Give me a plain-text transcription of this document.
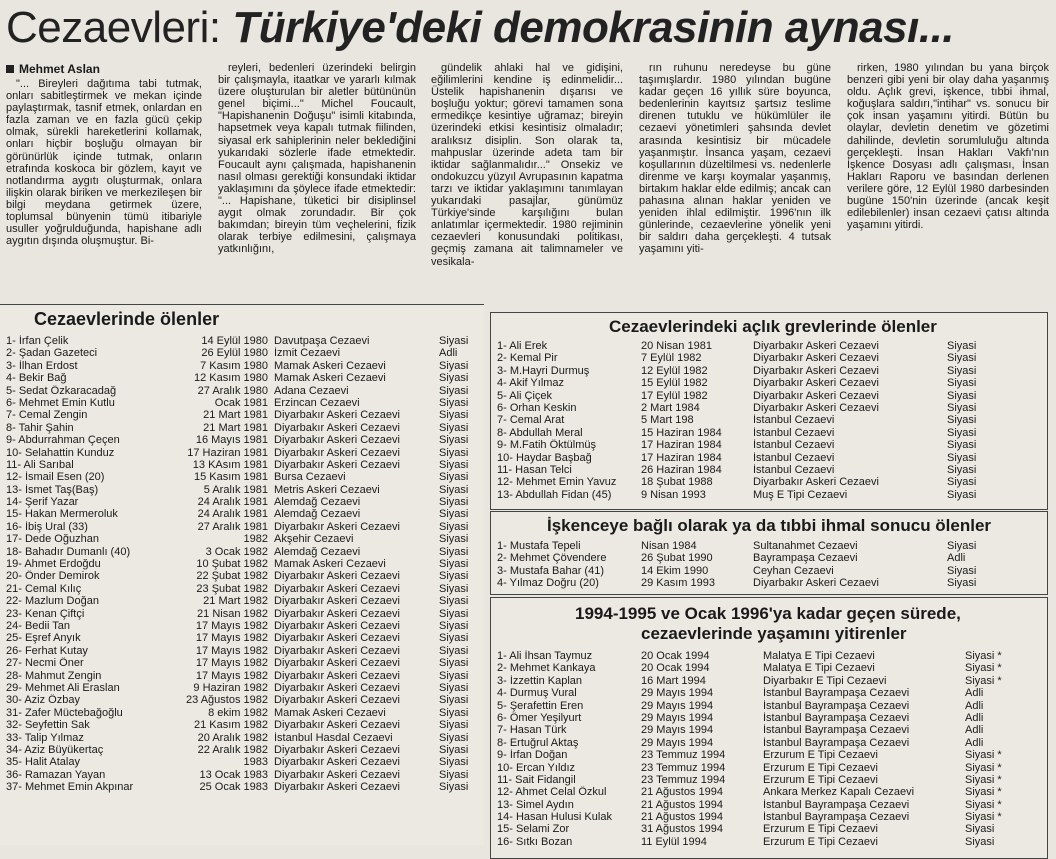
Cezaevleri: Türkiye'deki demokrasinin aynası...
Mehmet Aslan

"... Bireyleri dağıtıma tabi tutmak, onları sabitleştirmek ve mekan içinde paylaştırmak, tasnif etmek, onlardan en fazla zaman ve en fazla gücü çekip olmak, sürekli hareketlerini kollamak, onları hiçbir boşluğu olmayan bir görünürlük içinde tutmak, onların etrafında koskoca bir gözlem, kayıt ve notlandırma aygıtı oluşturmak, onlara ilişkin olarak biriken ve merkezileşen bir bilgi meydana getirmek üzere, toplumsal bünyenin tümü itibariyle usuller yoğrulduğunda, hapishane adlı aygıtın dışında oluşmuştur. Bi-

reyleri, bedenleri üzerindeki belirgin bir çalışmayla, itaatkar ve yararlı kılmak üzere oluşturulan bir aletler bütününün genel biçimi..." Michel Foucault, "Hapishanenin Doğuşu" isimli kitabında, hapsetmek veya kapalı tutmak fiilinden, siyasal erk sahiplerinin neler beklediğini yukarıdaki sözlerle ifade etmektedir. Foucault aynı çalışmada, hapishanenin nasıl olması gerektiği konsundaki iktidar yaklaşımını da şöylece ifade etmektedir: "... Hapishane, tüketici bir disiplinsel aygıt olmak zorundadır. Bir çok bakımdan; bireyin tüm veçhelerini, fizik olarak terbiye edilmesini, çalışmaya yatkınlığını,

gündelik ahlaki hal ve gidişini, eğilimlerini kendine iş edinmelidir... Üstelik hapishanenin dışarısı ve boşluğu yoktur; görevi tamamen sona ermedikçe kesintiye uğramaz; bireyin üzerindeki etkisi kesintisiz olmaladır; aralıksız disiplin. Son olarak ta, mahpuslar üzerinde adeta tam bir iktidar sağlanmalıdır..." Onsekiz ve ondokuzcu yüzyıl Avrupasının kapatma tarzı ve iktidar yaklaşımını tanımlayan yukarıdaki pasajlar, günümüz Türkiye'sinde karşılığını bulan anlatımlar içermektedir. 1980 rejiminin cezaevleri konusundaki politikası, geçmiş zamana ait talimnameler ve vesikala-

rın ruhunu neredeyse bu güne taşımışlardır. 1980 yılından bugüne kadar geçen 16 yıllık süre boyunca, bedenlerinin kayıtsız şartsız teslime direnen tutuklu ve hükümlüler ile cezaevi yönetimleri şahsında devlet arasında kesintisiz bir mücadele yaşanmıştır. İnsanca yaşam, cezaevi koşullarının düzeltilmesi vs. nedenlerle direnme ve karşı koymalar yaşanmış, birtakım haklar elde edilmiş; ancak can pahasına alınan haklar yeniden ve yeniden ihlal edilmiştir. 1996'nın ilk günlerinde, cezaevlerine yönelik yeni bir saldırı daha gerçekleşti. 4 tutsak yaşamını yiti-

rirken, 1980 yılından bu yana birçok benzeri gibi yeni bir olay daha yaşanmış oldu. Açlık grevi, işkence, tıbbi ihmal, koğuşlara saldırı,"intihar" vs. sonucu bir çok insan yaşamını yitirdi. Bütün bu olaylar, devletin denetim ve gözetimi dahilinde, devletin sorumluluğu altında gerçekleşti. İnsan Hakları Vakfı'nın İşkence Dosyası adlı çalışması, İnsan Hakları Raporu ve basından derlenen verilere göre, 12 Eylül 1980 darbesinden bugüne 150'nin üzerinde (ancak keşit edilebilenler) insan cezaevi çatısı altında yaşamını yitirdi.

Cezaevlerinde ölenler
1- İrfan Çelik	14 Eylül 1980 Davutpaşa Cezaevi	Siyasi
2- Şadan Gazeteci	26 Eylül 1980 İzmit Cezaevi	Adli
3- İlhan Erdost	7 Kasım 1980 Mamak Askeri Cezaevi	Siyasi
4- Bekir Bağ	12 Kasım 1980 Mamak Askeri Cezaevi	Siyasi
5- Sedat Özkaracadağ	27 Aralık 1980 Adana Cezaevi	Siyasi
6- Mehmet Emin Kutlu	Ocak 1981 Erzincan Cezaevi	Siyasi
7- Cemal Zengin	21 Mart 1981 Diyarbakır Askeri Cezaevi	Siyasi
8- Tahir Şahin	21 Mart 1981 Diyarbakır Askeri Cezaevi	Siyasi
9- Abdurrahman Çeçen	16 Mayıs 1981 Diyarbakır Askeri Cezaevi	Siyasi
10- Selahattin Kunduz	17 Haziran 1981 Diyarbakır Askeri Cezaevi	Siyasi
11- Ali Sarıbal	13 KAsım 1981 Diyarbakır Askeri Cezaevi	Siyasi
12- İsmail Esen (20)	15 Kasım 1981 Bursa Cezaevi	Siyasi
13- İsmet Taş(Baş)	5 Aralık 1981 Metris Askeri Cezaevi	Siyasi
14- Şerif Yazar	24 Aralık 1981 Alemdağ Cezaevi	Siyasi
15- Hakan Mermeroluk	24 Aralık 1981 Alemdağ Cezaevi	Siyasi
16- İbiş Ural (33)	27 Aralık 1981 Diyarbakır Askeri Cezaevi	Siyasi
17- Dede Oğuzhan	1982 Akşehir Cezaevi	Siyasi
18- Bahadır Dumanlı (40)	3 Ocak 1982 Alemdağ Cezaevi	Siyasi
19- Ahmet Erdoğdu	10 Şubat 1982 Mamak Askeri Cezaevi	Siyasi
20- Önder Demirok	22 Şubat 1982 Diyarbakır Askeri Cezaevi	Siyasi
21- Cemal Kılıç	23 Şubat 1982 Diyarbakır Askeri Cezaevi	Siyasi
22- Mazlum Doğan	21 Mart 1982 Diyarbakır Askeri Cezaevi	Siyasi
23- Kenan Çiftçi	21 Nisan 1982 Diyarbakır Askeri Cezaevi	Siyasi
24- Bedii Tan	17 Mayıs 1982 Diyarbakır Askeri Cezaevi	Siyasi
25- Eşref Anyık	17 Mayıs 1982 Diyarbakır Askeri Cezaevi	Siyasi
26- Ferhat Kutay	17 Mayıs 1982 Diyarbakır Askeri Cezaevi	Siyasi
27- Necmi Öner	17 Mayıs 1982 Diyarbakır Askeri Cezaevi	Siyasi
28- Mahmut Zengin	17 Mayıs 1982 Diyarbakır Askeri Cezaevi	Siyasi
29- Mehmet Ali Eraslan	9 Haziran 1982 Diyarbakır Askeri Cezaevi	Siyasi
30- Aziz Özbay	23 Ağustos 1982 Diyarbakır Askeri Cezaevi	Siyasi
31- Zafer Müctebağoğlu	8 ekim 1982 Mamak Askeri Cezaevi	Siyasi
32- Seyfettin Sak	21 Kasım 1982 Diyarbakır Askeri Cezaevi	Siyasi
33- Talip Yılmaz	20 Aralık 1982 İstanbul Hasdal Cezaevi	Siyasi
34- Aziz Büyükertaç	22 Aralık 1982 Diyarbakır Askeri Cezaevi	Siyasi
35- Halit Atalay	1983 Diyarbakır Askeri Cezaevi	Siyasi
36- Ramazan Yayan	13 Ocak 1983 Diyarbakır Askeri Cezaevi	Siyasi
37- Mehmet Emin Akpınar	25 Ocak 1983 Diyarbakır Askeri Cezaevi	Siyasi
Cezaevlerindeki açlık grevlerinde ölenler
1- Ali Erek	20 Nisan 1981	Diyarbakır Askeri Cezaevi	Siyasi
2- Kemal Pir	7 Eylül 1982	Diyarbakır Askeri Cezaevi	Siyasi
3- M.Hayri Durmuş	12 Eylül 1982	Diyarbakır Askeri Cezaevi	Siyasi
4- Akif Yılmaz	15 Eylül 1982	Diyarbakır Askeri Cezaevi	Siyasi
5- Ali Çiçek	17 Eylül 1982	Diyarbakır Askeri Cezaevi	Siyasi
6- Orhan Keskin	2 Mart 1984	Diyarbakır Askeri Cezaevi	Siyasi
7- Cemal Arat	5 Mart 198	İstanbul Cezaevi	Siyasi
8- Abdullah Meral	15 Haziran 1984	İstanbul Cezaevi	Siyasi
9- M.Fatih Öktülmüş	17 Haziran 1984	İstanbul Cezaevi	Siyasi
10- Haydar Başbağ	17 Haziran 1984	İstanbul Cezaevi	Siyasi
11- Hasan Telci	26 Haziran 1984	İstanbul Cezaevi	Siyasi
12- Mehmet Emin Yavuz	18 Şubat 1988	Diyarbakır Askeri Cezaevi	Siyasi
13- Abdullah Fidan (45)	9 Nisan 1993	Muş E Tipi Cezaevi	Siyasi
İşkenceye bağlı olarak ya da tıbbi ihmal sonucu ölenler
1- Mustafa Tepeli	Nisan 1984	Sultanahmet Cezaevi	Siyasi
2- Mehmet Çövendere	26 Şubat 1990	Bayrampaşa Cezaevi	Adli
3- Mustafa Bahar (41)	14 Ekim 1990	Ceyhan Cezaevi	Siyasi
4- Yılmaz Doğru (20)	29 Kasım 1993	Diyarbakır Askeri Cezaevi	Siyasi
1994-1995 ve Ocak 1996'ya kadar geçen sürede,
cezaevlerinde yaşamını yitirenler
1- Ali İhsan Taymuz	20 Ocak 1994	Malatya E Tipi Cezaevi	Siyasi *
2- Mehmet Kankaya	20 Ocak 1994	Malatya E Tipi Cezaevi	Siyasi *
3- İzzettin Kaplan	16 Mart 1994	Diyarbakır E Tipi Cezaevi	Siyasi *
4- Durmuş Vural	29 Mayıs 1994	İstanbul Bayrampaşa Cezaevi	Adli
5- Şerafettin Eren	29 Mayıs 1994	İstanbul Bayrampaşa Cezaevi	Adli
6- Ömer Yeşilyurt	29 Mayıs 1994	İstanbul Bayrampaşa Cezaevi	Adli
7- Hasan Türk	29 Mayıs 1994	İstanbul Bayrampaşa Cezaevi	Adli
8- Ertuğrul Aktaş	29 Mayıs 1994	İstanbul Bayrampaşa Cezaevi	Adli
9- İrfan Doğan	23 Temmuz 1994	Erzurum E Tipi Cezaevi	Siyasi *
10- Ercan Yıldız	23 Temmuz 1994	Erzurum E Tipi Cezaevi	Siyasi *
11- Sait Fidangil	23 Temmuz 1994	Erzurum E Tipi Cezaevi	Siyasi *
12- Ahmet Celal Özkul	21 Ağustos 1994	Ankara Merkez Kapalı Cezaevi	Siyasi *
13- Simel Aydın	21 Ağustos 1994	İstanbul Bayrampaşa Cezaevi	Siyasi *
14- Hasan Hulusi Kulak	21 Ağustos 1994	İstanbul Bayrampaşa Cezaevi	Siyasi *
15- Selami Zor	31 Ağustos 1994	Erzurum E Tipi Cezaevi	Siyasi
16- Sıtkı Bozan	11 Eylül 1994	Erzurum E Tipi Cezaevi	Siyasi
